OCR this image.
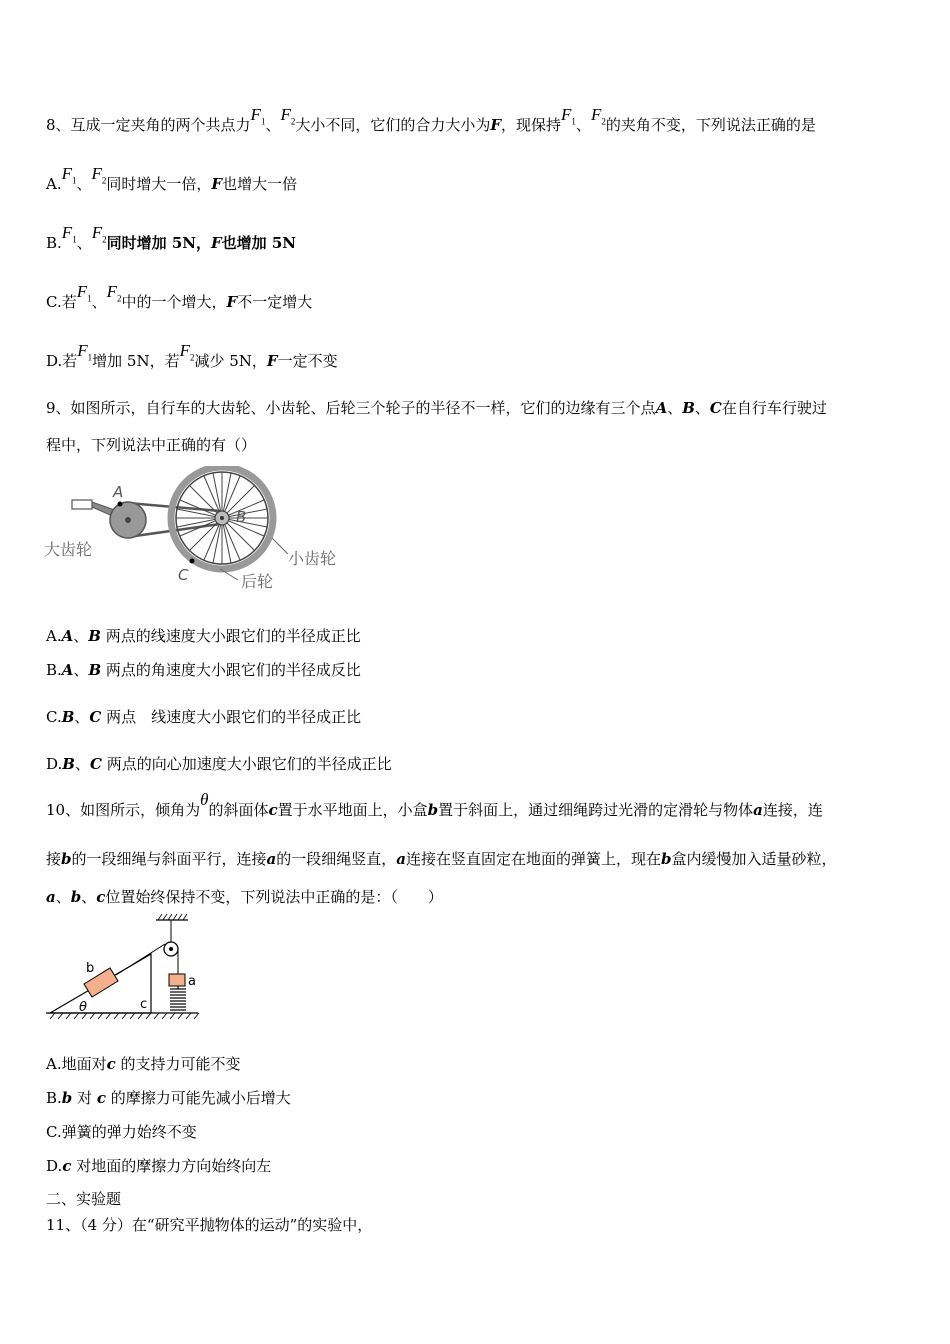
8、互成一定夹角的两个共点力$F_1$、$F_2$大小不同，它们的合力大小为F，现保持$F_1$、$F_2$的夹角不变，下列说法正确的是
$A.F_1$、$F_2$同时增大一倍，F也增大一倍
$B.F_1$、$F_2$同时增加 5N，F也增加 5N
C.若$F_1$、$F_2$中的一个增大，F不一定增大
D.若$F_1$增加 5N，若$F_2$减少 5N，F一定不变
9、如图所示，自行车的大齿轮、小齿轮、后轮三个轮子的半径不一样，它们的边缘有三个点A、B、C在自行车行驶过
程中，下列说法中正确的有（）
A
B
C
大齿轮	小齿轮
后轮
A.A、B 两点的线速度大小跟它们的半径成正比
B.A、B 两点的角速度大小跟它们的半径成反比
C.B、C 两点　线速度大小跟它们的半径成正比
D.B、C 两点的向心加速度大小跟它们的半径成正比
10、如图所示，倾角为θ的斜面体c置于水平地面上，小盒b置于斜面上，通过细绳跨过光滑的定滑轮与物体a连接，连
接b的一段细绳与斜面平行，连接a的一段细绳竖直，a连接在竖直固定在地面的弹簧上，现在b盒内缓慢加入适量砂粒，
a、b、c位置始终保持不变，下列说法中正确的是：（　　）
b
a
c
θ
A.地面对c 的支持力可能不变
B.b 对 c 的摩擦力可能先减小后增大
C.弹簧的弹力始终不变
D.c 对地面的摩擦力方向始终向左
二、实验题
11、（4 分）在“研究平抛物体的运动”的实验中，
